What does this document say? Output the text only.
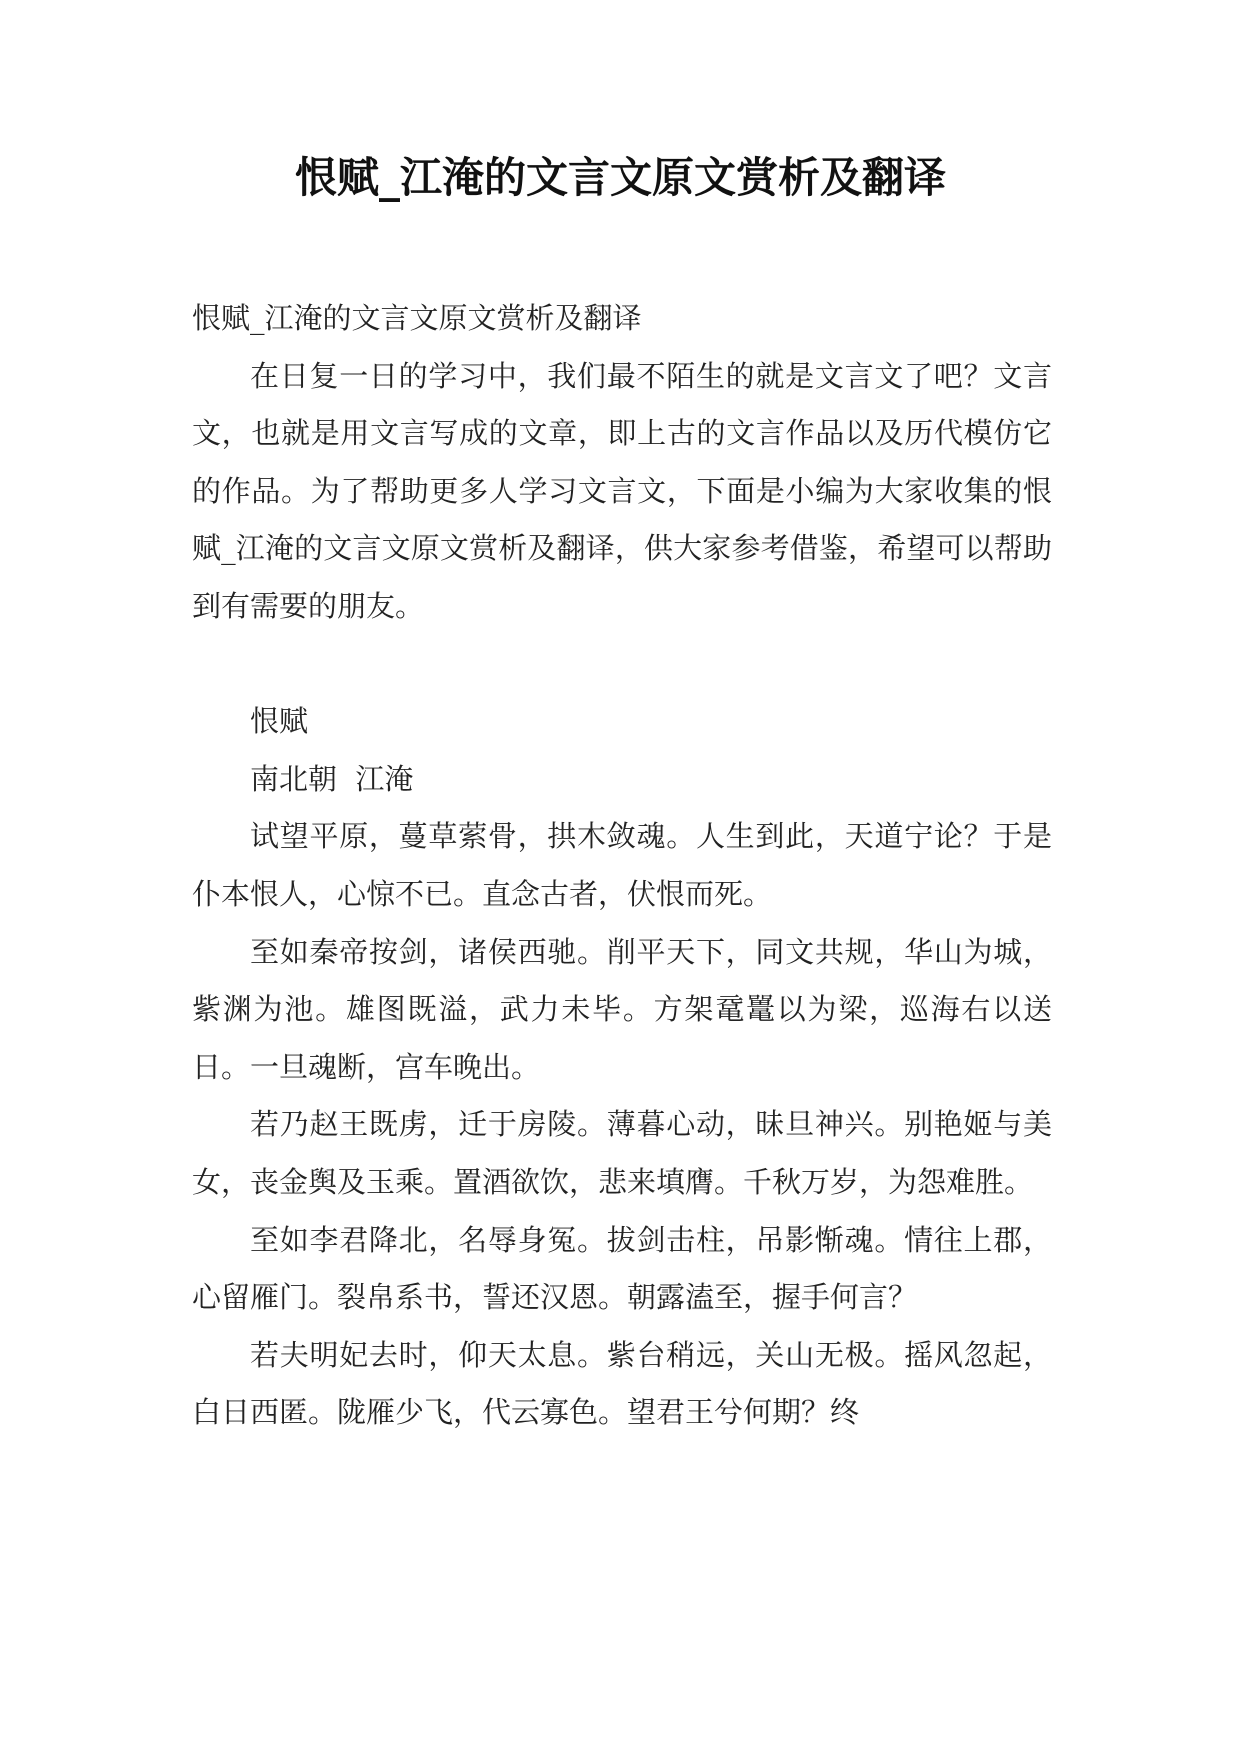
恨赋_江淹的文言文原文赏析及翻译

恨赋_江淹的文言文原文赏析及翻译

在日复一日的学习中，我们最不陌生的就是文言文了吧？文言文，也就是用文言写成的文章，即上古的文言作品以及历代模仿它的作品。为了帮助更多人学习文言文，下面是小编为大家收集的恨赋_江淹的文言文原文赏析及翻译，供大家参考借鉴，希望可以帮助到有需要的朋友。

恨赋

南北朝  江淹

试望平原，蔓草萦骨，拱木敛魂。人生到此，天道宁论？于是仆本恨人，心惊不已。直念古者，伏恨而死。

至如秦帝按剑，诸侯西驰。削平天下，同文共规，华山为城，紫渊为池。雄图既溢，武力未毕。方架鼋鼍以为梁，巡海右以送日。一旦魂断，宫车晚出。

若乃赵王既虏，迁于房陵。薄暮心动，昧旦神兴。别艳姬与美女，丧金舆及玉乘。置酒欲饮，悲来填膺。千秋万岁，为怨难胜。

至如李君降北，名辱身冤。拔剑击柱，吊影惭魂。情往上郡，心留雁门。裂帛系书，誓还汉恩。朝露溘至，握手何言？

若夫明妃去时，仰天太息。紫台稍远，关山无极。摇风忽起，白日西匿。陇雁少飞，代云寡色。望君王兮何期？终
